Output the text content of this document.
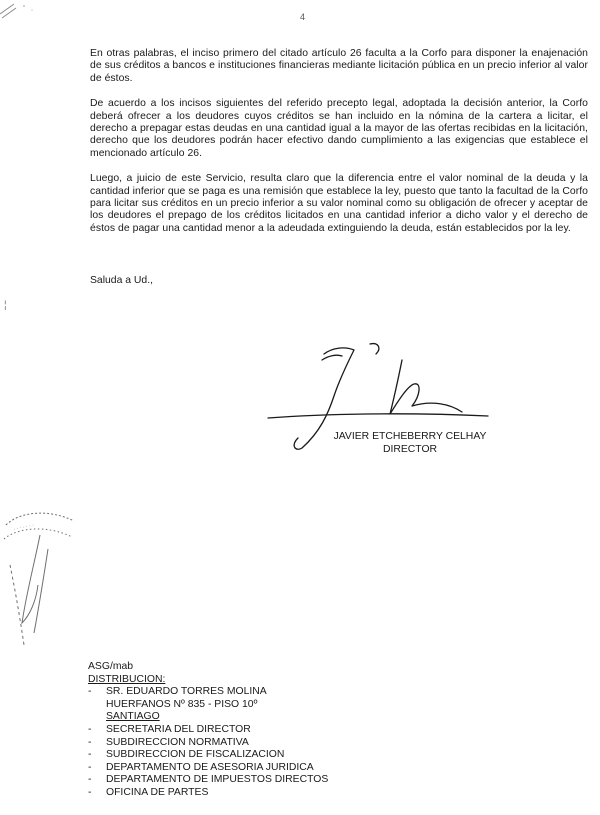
4

En otras palabras, el inciso primero del citado artículo 26 faculta a la Corfo para disponer la enajenación de sus créditos a bancos e instituciones financieras mediante licitación pública en un precio inferior al valor de éstos.

De acuerdo a los incisos siguientes del referido precepto legal, adoptada la decisión anterior, la Corfo deberá ofrecer a los deudores cuyos créditos se han incluido en la nómina de la cartera a licitar, el derecho a prepagar estas deudas en una cantidad igual a la mayor de las ofertas recibidas en la licitación, derecho que los deudores podrán hacer efectivo dando cumplimiento a las exigencias que establece el mencionado artículo 26.

Luego, a juicio de este Servicio, resulta claro que la diferencia entre el valor nominal de la deuda y la cantidad inferior que se paga es una remisión que establece la ley, puesto que tanto la facultad de la Corfo para licitar sus créditos en un precio inferior a su valor nominal como su obligación de ofrecer y aceptar de los deudores el prepago de los créditos licitados en una cantidad inferior a dicho valor y el derecho de éstos de pagar una cantidad menor a la adeudada extinguiendo la deuda, están establecidos por la ley.

Saluda a Ud.,
¦
JAVIER ETCHEBERRY CELHAY
DIRECTOR
· · · · · · ·
ASG/mab
DISTRIBUCION:
- SR. EDUARDO TORRES MOLINA
HUERFANOS Nº 835 - PISO 10º
SANTIAGO
- SECRETARIA DEL DIRECTOR
- SUBDIRECCION NORMATIVA
- SUBDIRECCION DE FISCALIZACION
- DEPARTAMENTO DE ASESORIA JURIDICA
- DEPARTAMENTO DE IMPUESTOS DIRECTOS
- OFICINA DE PARTES
